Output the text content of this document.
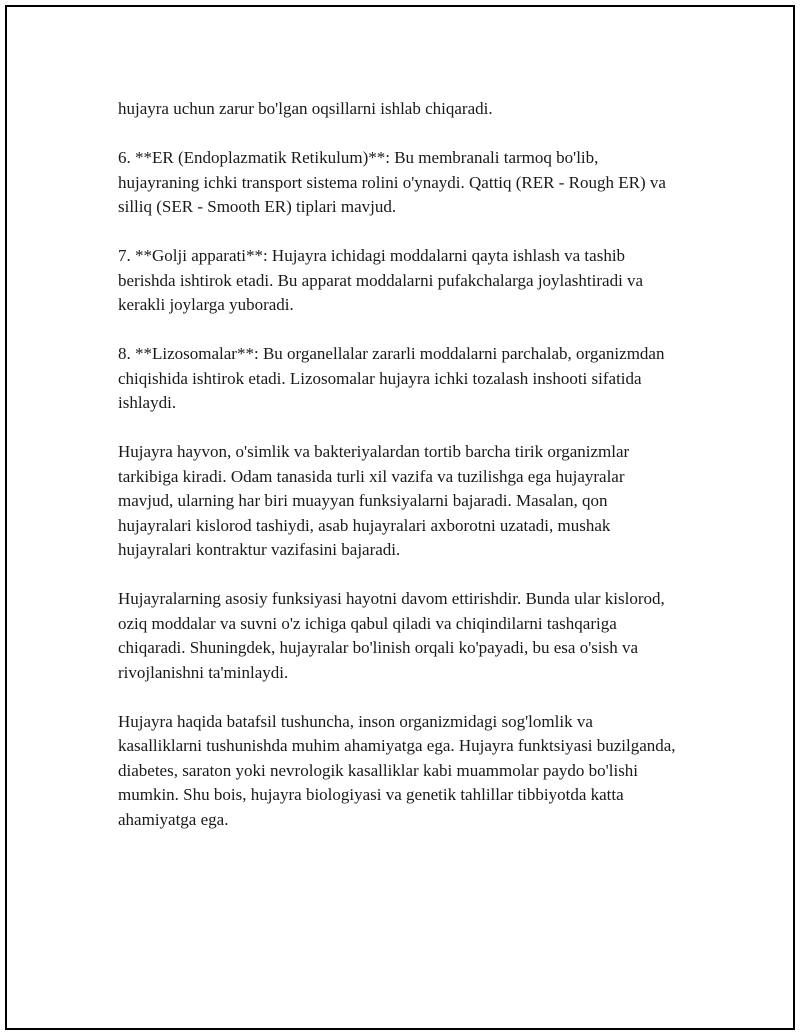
hujayra uchun zarur bo'lgan oqsillarni ishlab chiqaradi.

6. **ER (Endoplazmatik Retikulum)**: Bu membranali tarmoq bo'lib, hujayraning ichki transport sistema rolini o'ynaydi. Qattiq (RER - Rough ER) va silliq (SER - Smooth ER) tiplari mavjud.

7. **Golji apparati**: Hujayra ichidagi moddalarni qayta ishlash va tashib berishda ishtirok etadi. Bu apparat moddalarni pufakchalarga joylashtiradi va kerakli joylarga yuboradi.

8. **Lizosomalar**: Bu organellalar zararli moddalarni parchalab, organizmdan chiqishida ishtirok etadi. Lizosomalar hujayra ichki tozalash inshooti sifatida ishlaydi.

Hujayra hayvon, o'simlik va bakteriyalardan tortib barcha tirik organizmlar tarkibiga kiradi. Odam tanasida turli xil vazifa va tuzilishga ega hujayralar mavjud, ularning har biri muayyan funksiyalarni bajaradi. Masalan, qon hujayralari kislorod tashiydi, asab hujayralari axborotni uzatadi, mushak hujayralari kontraktur vazifasini bajaradi.

Hujayralarning asosiy funksiyasi hayotni davom ettirishdir. Bunda ular kislorod, oziq moddalar va suvni o'z ichiga qabul qiladi va chiqindilarni tashqariga chiqaradi. Shuningdek, hujayralar bo'linish orqali ko'payadi, bu esa o'sish va rivojlanishni ta'minlaydi.

Hujayra haqida batafsil tushuncha, inson organizmidagi sog'lomlik va kasalliklarni tushunishda muhim ahamiyatga ega. Hujayra funktsiyasi buzilganda, diabetes, saraton yoki nevrologik kasalliklar kabi muammolar paydo bo'lishi mumkin. Shu bois, hujayra biologiyasi va genetik tahlillar tibbiyotda katta ahamiyatga ega.
